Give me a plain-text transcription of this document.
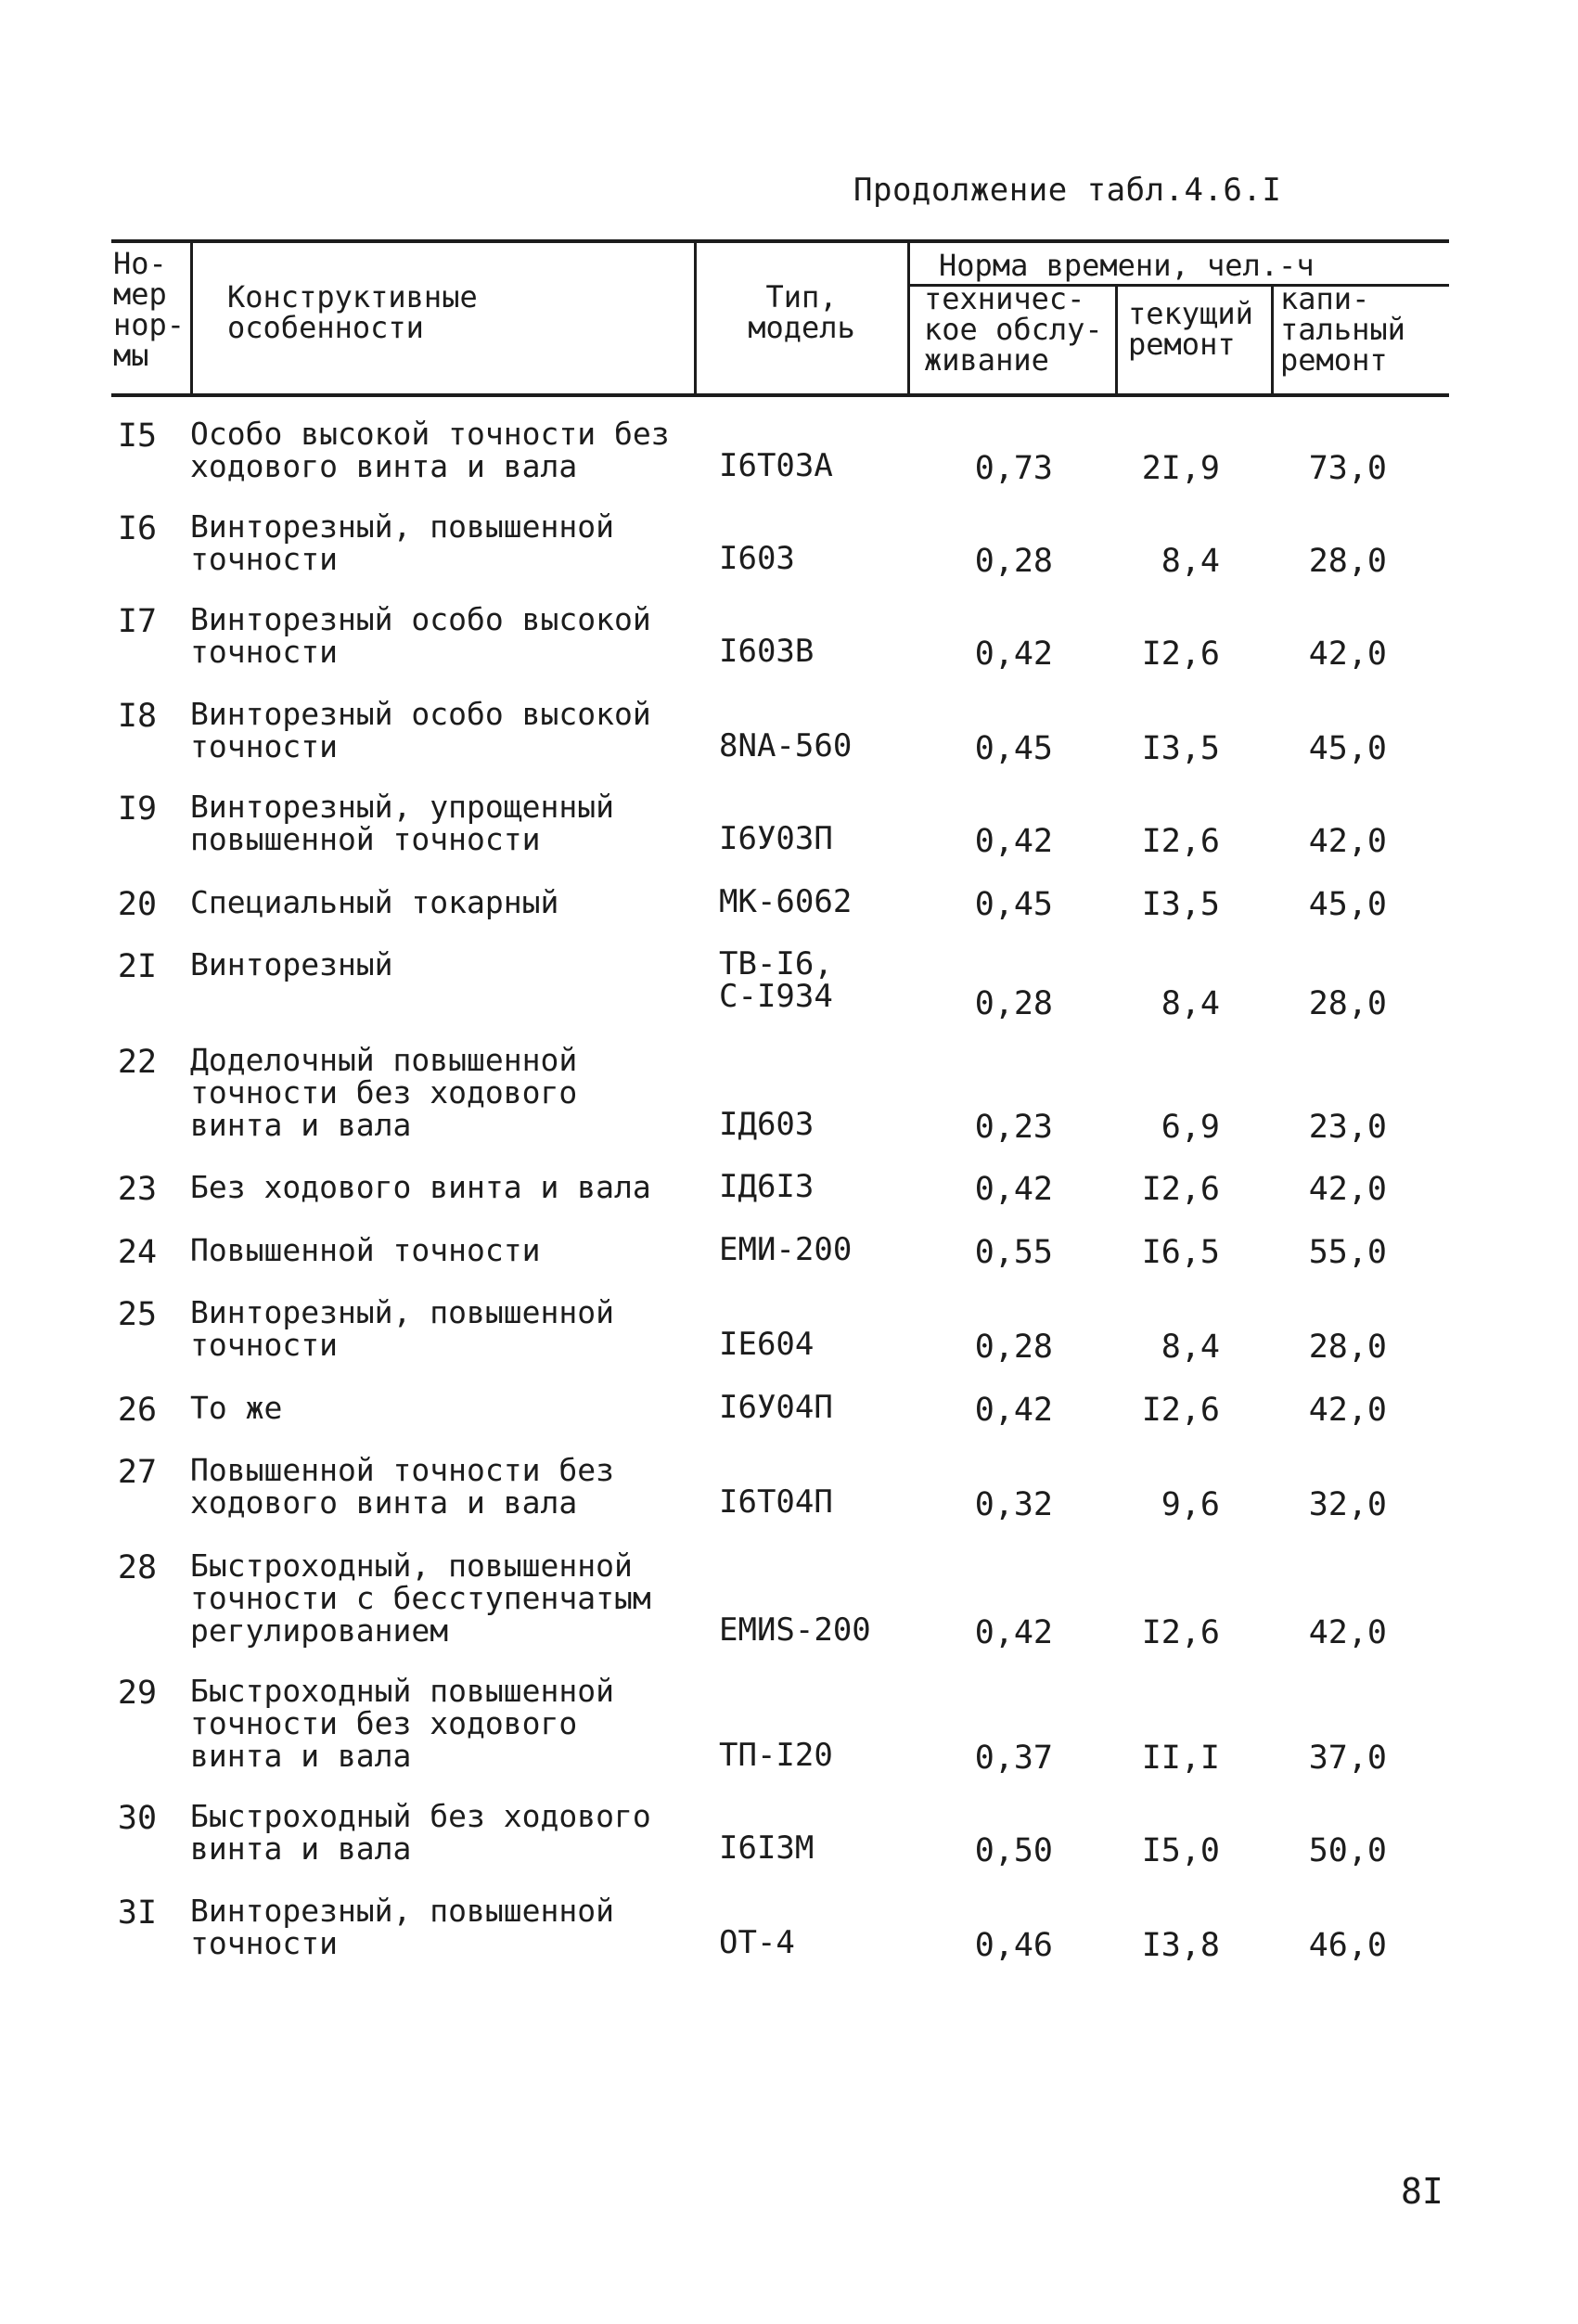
Продолжение табл.4.6.I
Но-
мер
нор-
мы
Конструктивные
особенности
Тип,
модель
Норма времени, чел.-ч
техничес-
кое обслу-
живание
текущий
ремонт
капи-
тальный
ремонт
I5 Особо высокой точности без
ходового винта и вала	I6Т03А	0,73	2I,9	73,0
I6 Винторезный, повышенной
точности	I603	0,28	8,4	28,0
I7 Винторезный особо высокой
точности	I603В	0,42	I2,6	42,0
I8 Винторезный особо высокой
точности	8NA-560	0,45	I3,5	45,0
I9 Винторезный, упрощенный
повышенной точности	I6У03П	0,42	I2,6	42,0
20 Специальный токарный	МК-6062	0,45	I3,5	45,0
2I Винторезный	ТВ-I6,
С-I934	0,28	8,4	28,0
22 Доделочный повышенной
точности без ходового
винта и вала	IД603	0,23	6,9	23,0
23 Без ходового винта и вала	IД6I3	0,42	I2,6	42,0
24 Повышенной точности	ЕМИ-200	0,55	I6,5	55,0
25 Винторезный, повышенной
точности	IЕ604	0,28	8,4	28,0
26 То же	I6У04П	0,42	I2,6	42,0
27 Повышенной точности без
ходового винта и вала	I6Т04П	0,32	9,6	32,0
28 Быстроходный, повышенной
точности с бесступенчатым
регулированием	ЕМИS-200	0,42	I2,6	42,0
29 Быстроходный повышенной
точности без ходового
винта и вала	ТП-I20	0,37	II,I	37,0
30 Быстроходный без ходового
винта и вала	I6I3М	0,50	I5,0	50,0
3I Винторезный, повышенной
точности	ОТ-4	0,46	I3,8	46,0
8I
